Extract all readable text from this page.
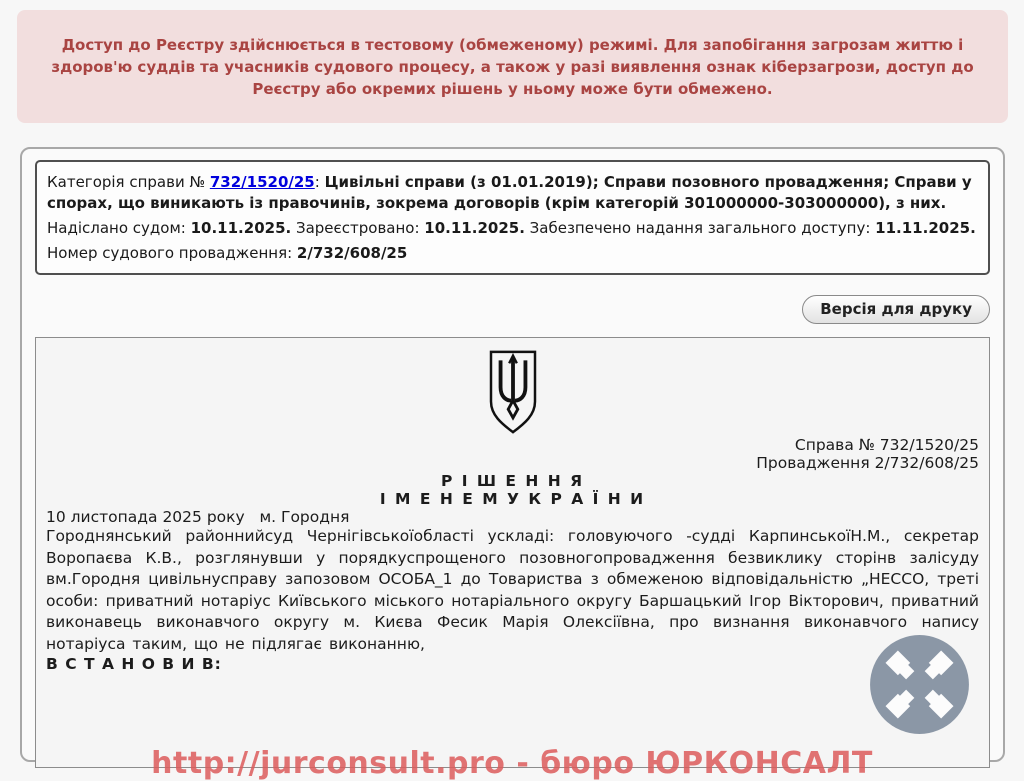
Доступ до Реєстру здійснюється в тестовому (обмеженому) режимі. Для запобігання загрозам життю і здоров'ю суддів та учасників судового процесу, а також у разі виявлення ознак кіберзагрози, доступ до Реєстру або окремих рішень у ньому може бути обмежено.

Категорія справи № 732/1520/25: Цивільні справи (з 01.01.2019); Справи позовного провадження; Справи у спорах, що виникають із правочинів, зокрема договорів (крім категорій 301000000-303000000), з них.

Надіслано судом: 10.11.2025. Зареєстровано: 10.11.2025. Забезпечено надання загального доступу: 11.11.2025.

Номер судового провадження: 2/732/608/25

Версія для друку

Справа № 732/1520/25

Провадження 2/732/608/25

Р І Ш Е Н Н Я

І М Е Н Е М У К Р А Ї Н И

10 листопада 2025 року   м. Городня

Городнянський районнийсуд Чернігівськоїобласті ускладі: головуючого -судді КарпинськоїН.М., секретар Воропаєва К.В., розглянувши у порядкуспрощеного позовногопровадження безвиклику сторінв залісуду вм.Городня цивільнусправу запозовом ОСОБА_1 до Товариства з обмеженою відповідальністю „НЕССО, треті особи: приватний нотаріус Київського міського нотаріального округу Баршацький Ігор Вікторович, приватний виконавець виконавчого округу м. Києва Фесик Марія Олексіївна, про визнання виконавчого напису нотаріуса таким, що не підлягає виконанню,

В С Т А Н О В И В:

http://jurconsult.pro - бюро ЮРКОНСАЛТ
